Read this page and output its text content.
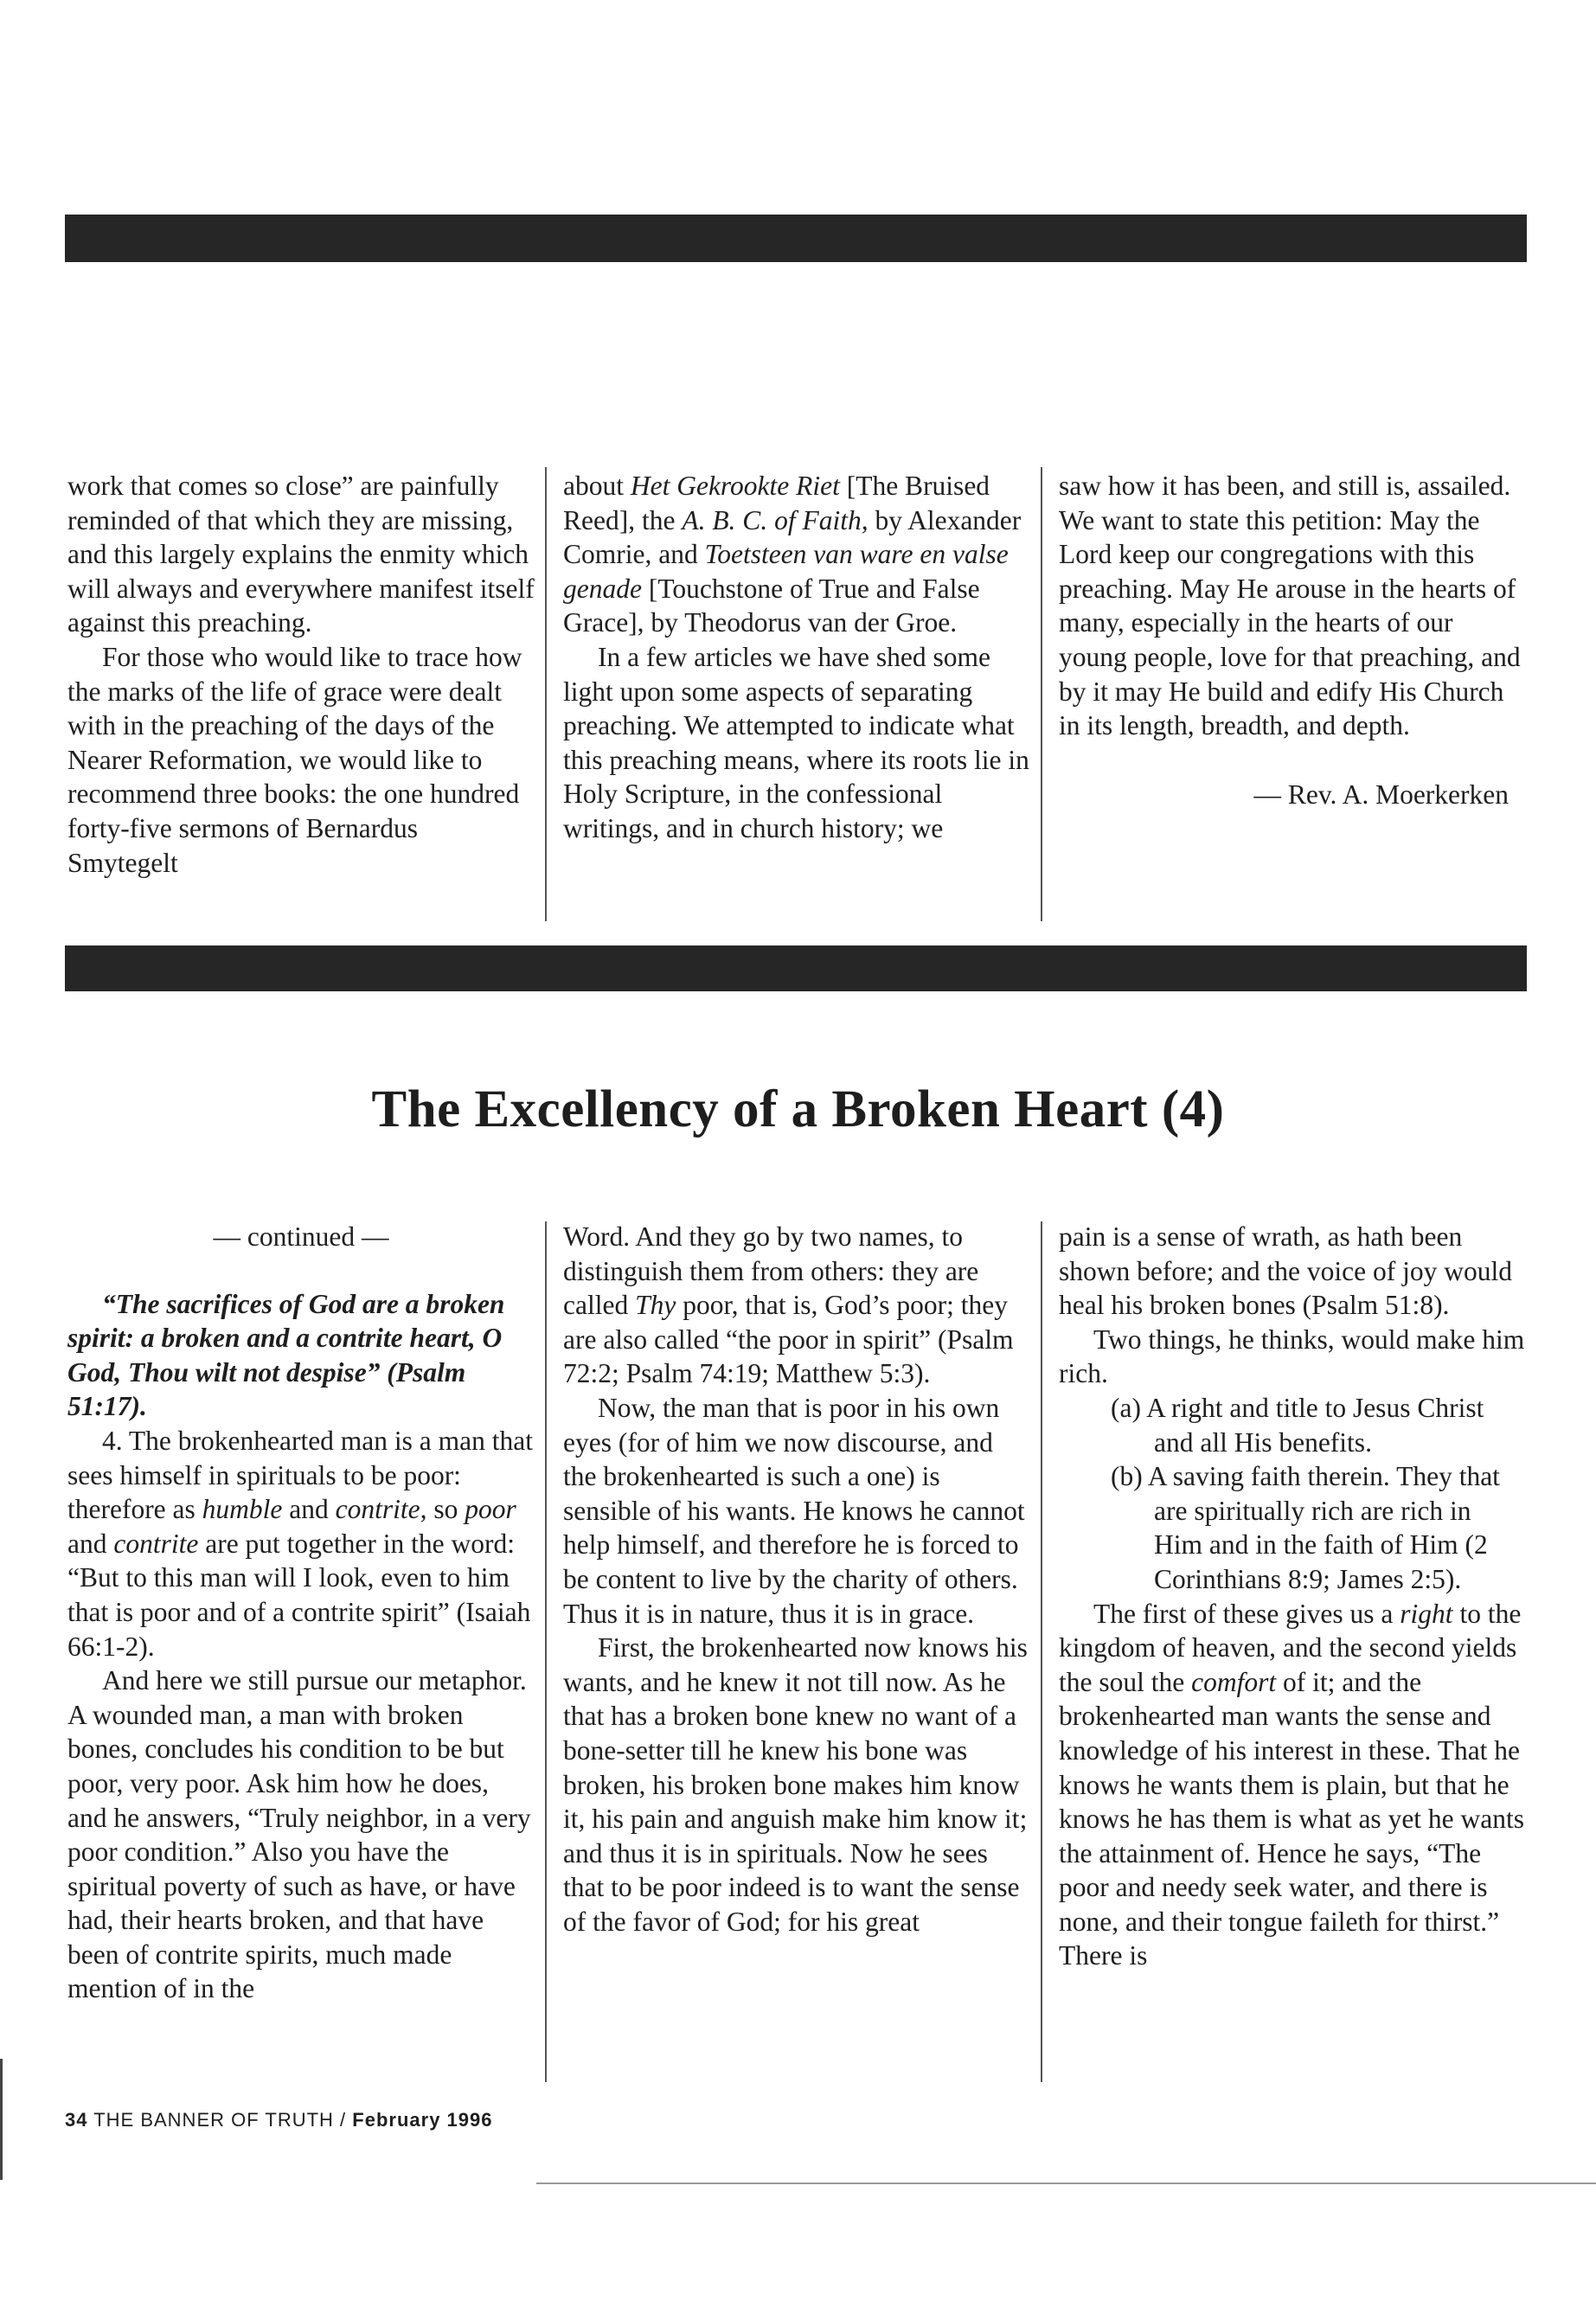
work that comes so close” are painfully reminded of that which they are missing, and this largely explains the enmity which will always and everywhere manifest itself against this preaching.

For those who would like to trace how the marks of the life of grace were dealt with in the preaching of the days of the Nearer Reformation, we would like to recommend three books: the one hundred forty-five sermons of Bernardus Smytegelt

about Het Gekrookte Riet [The Bruised Reed], the A. B. C. of Faith, by Alexander Comrie, and Toetsteen van ware en valse genade [Touchstone of True and False Grace], by Theodorus van der Groe.

In a few articles we have shed some light upon some aspects of separating preaching. We attempted to indicate what this preaching means, where its roots lie in Holy Scripture, in the confessional writings, and in church history; we

saw how it has been, and still is, assailed. We want to state this petition: May the Lord keep our congregations with this preaching. May He arouse in the hearts of many, especially in the hearts of our young people, love for that preaching, and by it may He build and edify His Church in its length, breadth, and depth.

— Rev. A. Moerkerken

The Excellency of a Broken Heart (4)

— continued —

“The sacrifices of God are a broken spirit: a broken and a contrite heart, O God, Thou wilt not despise” (Psalm 51:17).

4. The brokenhearted man is a man that sees himself in spirituals to be poor: therefore as humble and contrite, so poor and contrite are put together in the word: “But to this man will I look, even to him that is poor and of a contrite spirit” (Isaiah 66:1-2).

And here we still pursue our metaphor. A wounded man, a man with broken bones, concludes his condition to be but poor, very poor. Ask him how he does, and he answers, “Truly neighbor, in a very poor condition.” Also you have the spiritual poverty of such as have, or have had, their hearts broken, and that have been of contrite spirits, much made mention of in the

Word. And they go by two names, to distinguish them from others: they are called Thy poor, that is, God’s poor; they are also called “the poor in spirit” (Psalm 72:2; Psalm 74:19; Matthew 5:3).

Now, the man that is poor in his own eyes (for of him we now discourse, and the brokenhearted is such a one) is sensible of his wants. He knows he cannot help himself, and therefore he is forced to be content to live by the charity of others. Thus it is in nature, thus it is in grace.

First, the brokenhearted now knows his wants, and he knew it not till now. As he that has a broken bone knew no want of a bone-setter till he knew his bone was broken, his broken bone makes him know it, his pain and anguish make him know it; and thus it is in spirituals. Now he sees that to be poor indeed is to want the sense of the favor of God; for his great

pain is a sense of wrath, as hath been shown before; and the voice of joy would heal his broken bones (Psalm 51:8).

Two things, he thinks, would make him rich.

(a) A right and title to Jesus Christ and all His benefits.

(b) A saving faith therein. They that are spiritually rich are rich in Him and in the faith of Him (2 Corinthians 8:9; James 2:5).

The first of these gives us a right to the kingdom of heaven, and the second yields the soul the comfort of it; and the brokenhearted man wants the sense and knowledge of his interest in these. That he knows he wants them is plain, but that he knows he has them is what as yet he wants the attainment of. Hence he says, “The poor and needy seek water, and there is none, and their tongue faileth for thirst.” There is

34 THE BANNER OF TRUTH / February 1996
